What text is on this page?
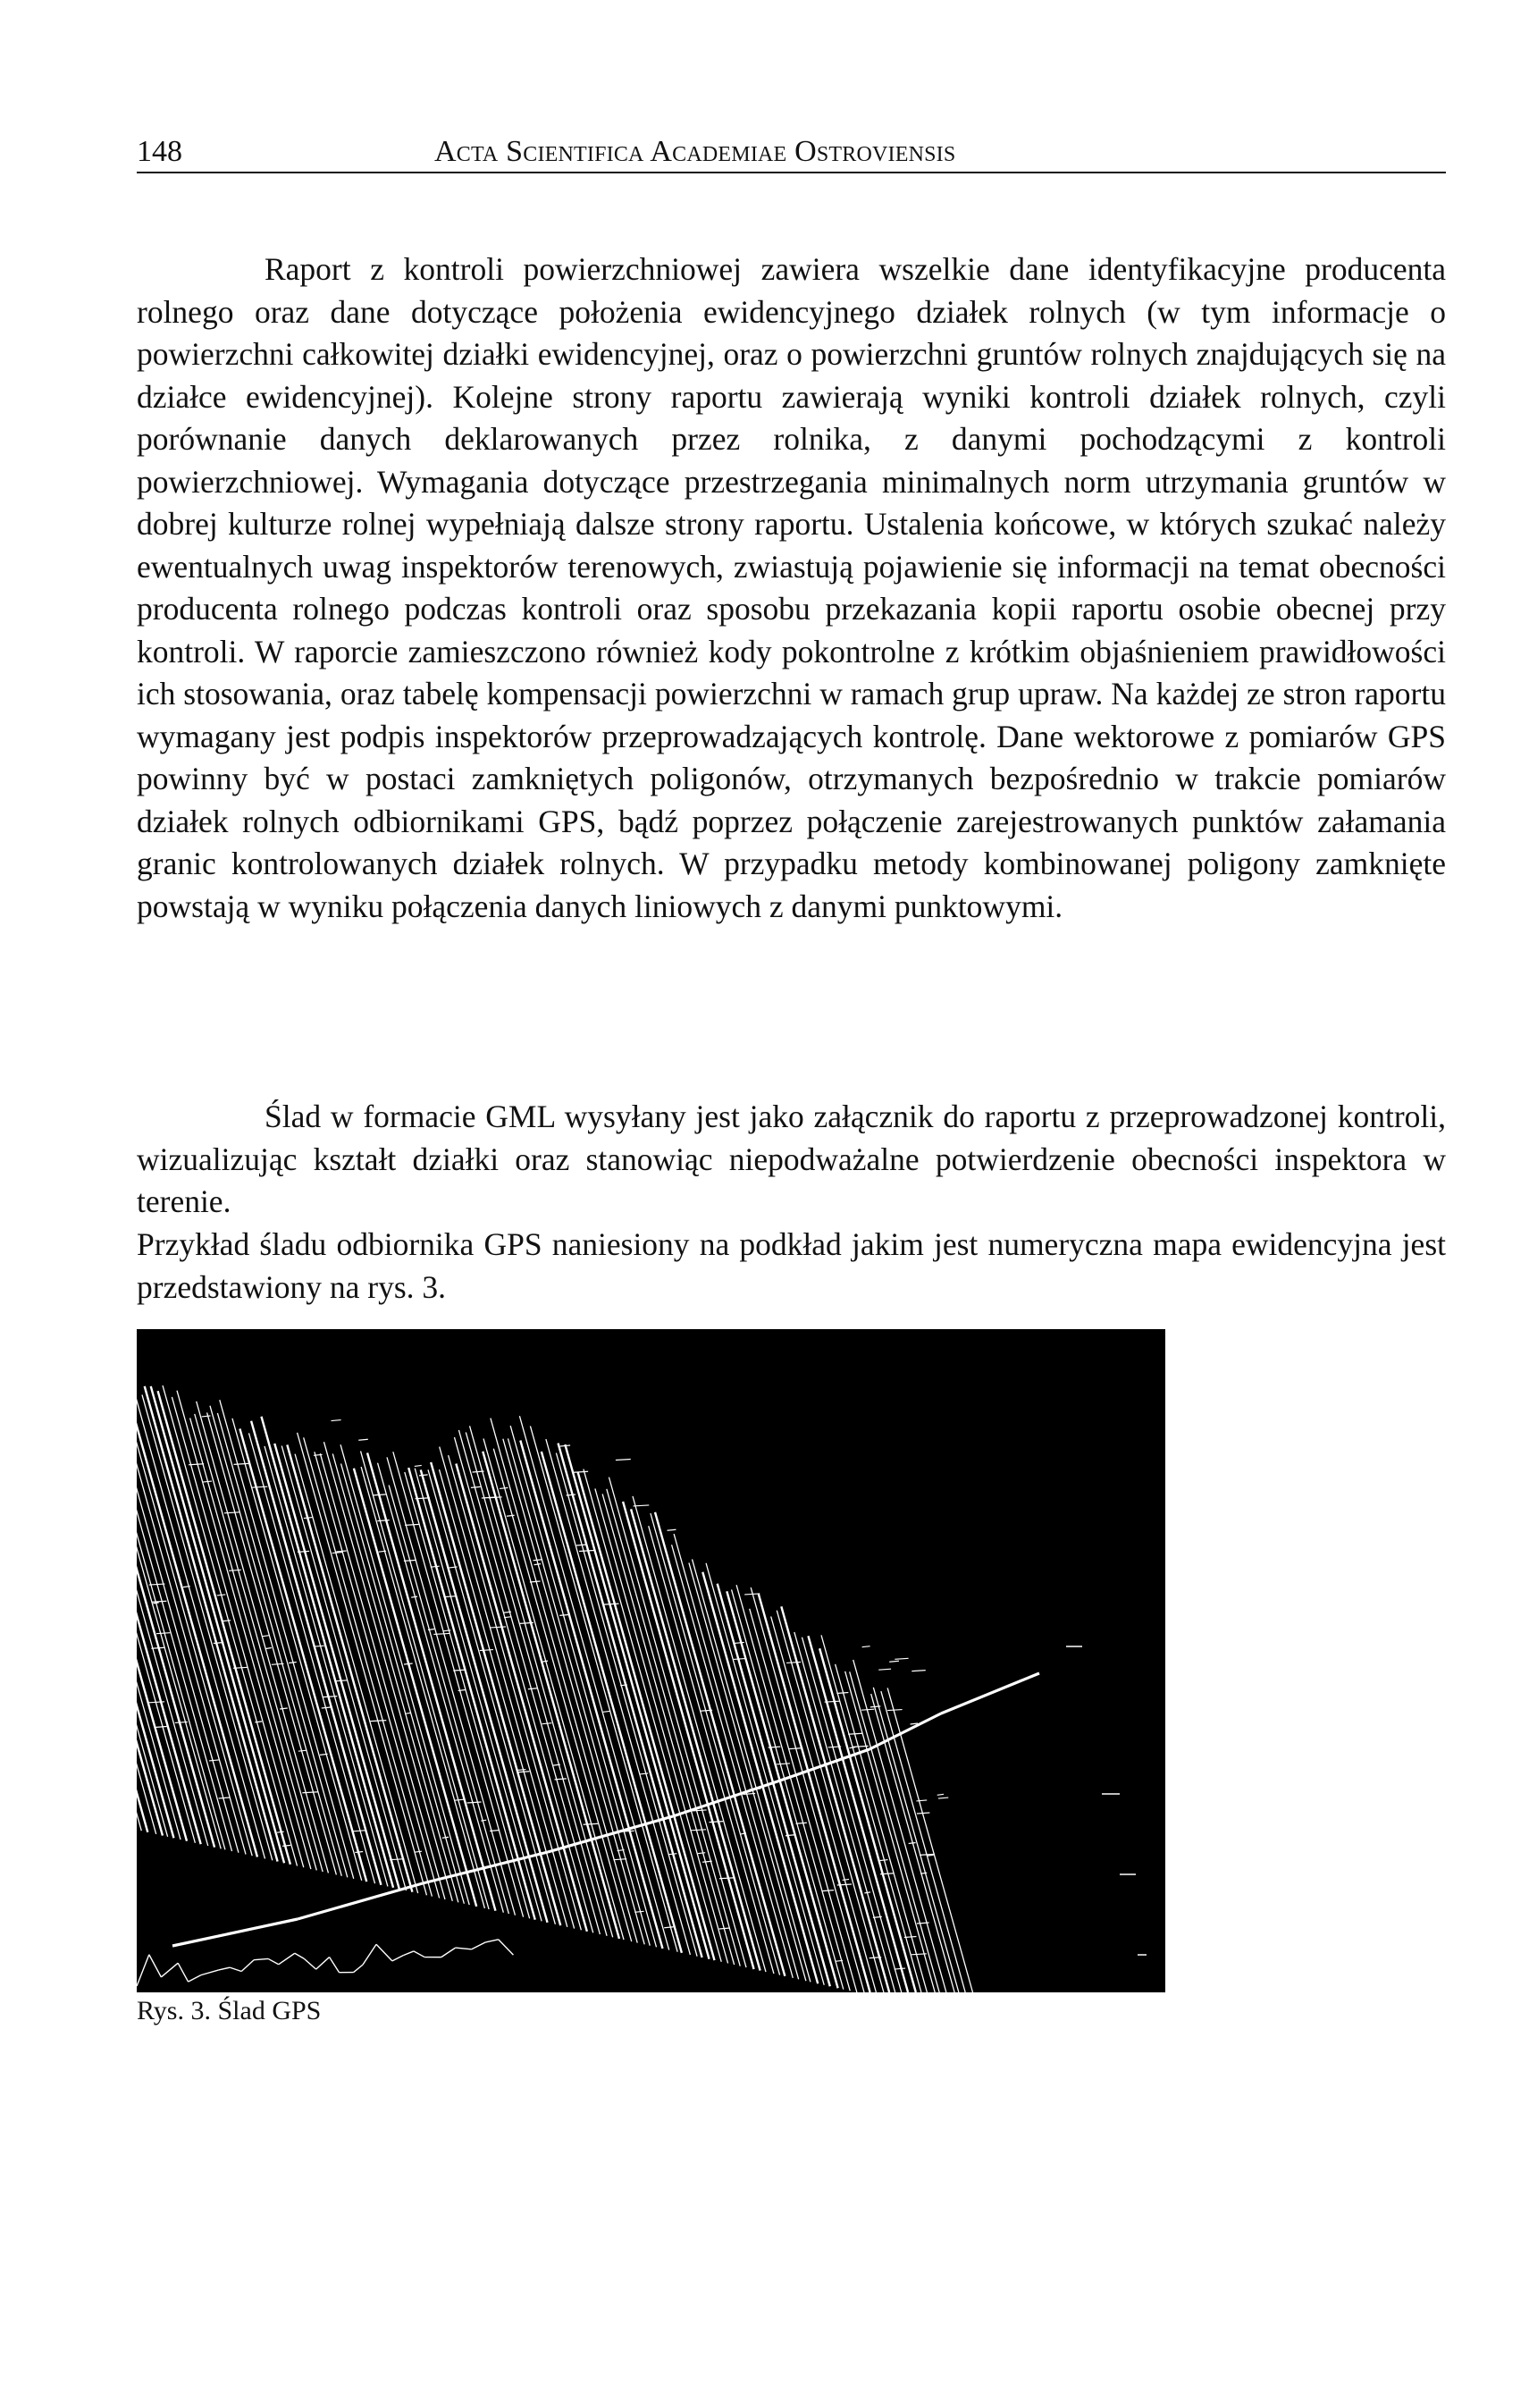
148	Acta Scientifica Academiae Ostroviensis

Raport z kontroli powierzchniowej zawiera wszelkie dane identyfikacyjne producenta rolnego oraz dane dotyczące położenia ewidencyjnego działek rolnych (w tym informacje o powierzchni całkowitej działki ewidencyjnej, oraz o powierzchni gruntów rolnych znajdujących się na działce ewidencyjnej). Kolejne strony raportu zawierają wyniki kontroli działek rolnych, czyli porównanie danych deklarowanych przez rolnika, z danymi pochodzącymi z kontroli powierzchniowej. Wymagania dotyczące przestrzegania minimalnych norm utrzymania gruntów w dobrej kulturze rolnej wypełniają dalsze strony raportu. Ustalenia końcowe, w których szukać należy ewentualnych uwag inspektorów terenowych, zwiastują pojawienie się informacji na temat obecności producenta rolnego podczas kontroli oraz sposobu przekazania kopii raportu osobie obecnej przy kontroli. W raporcie zamieszczono również kody pokontrolne z krótkim objaśnieniem prawidłowości ich stosowania, oraz tabelę kompensacji powierzchni w ramach grup upraw. Na każdej ze stron raportu wymagany jest podpis inspektorów przeprowadzających kontrolę. Dane wektorowe z pomiarów GPS powinny być w postaci zamkniętych poligonów, otrzymanych bezpośrednio w trakcie pomiarów działek rolnych odbiornikami GPS, bądź poprzez połączenie zarejestrowanych punktów załamania granic kontrolowanych działek rolnych. W przypadku metody kombinowanej poligony zamknięte powstają w wyniku połączenia danych liniowych z danymi punktowymi.

Ślad w formacie GML wysyłany jest jako załącznik do raportu z przeprowadzonej kontroli, wizualizując kształt działki oraz stanowiąc niepodważalne potwierdzenie obecności inspektora w terenie.

Przykład śladu odbiornika GPS naniesiony na podkład jakim jest numeryczna mapa ewidencyjna jest przedstawiony na rys. 3.

Rys. 3. Ślad GPS
